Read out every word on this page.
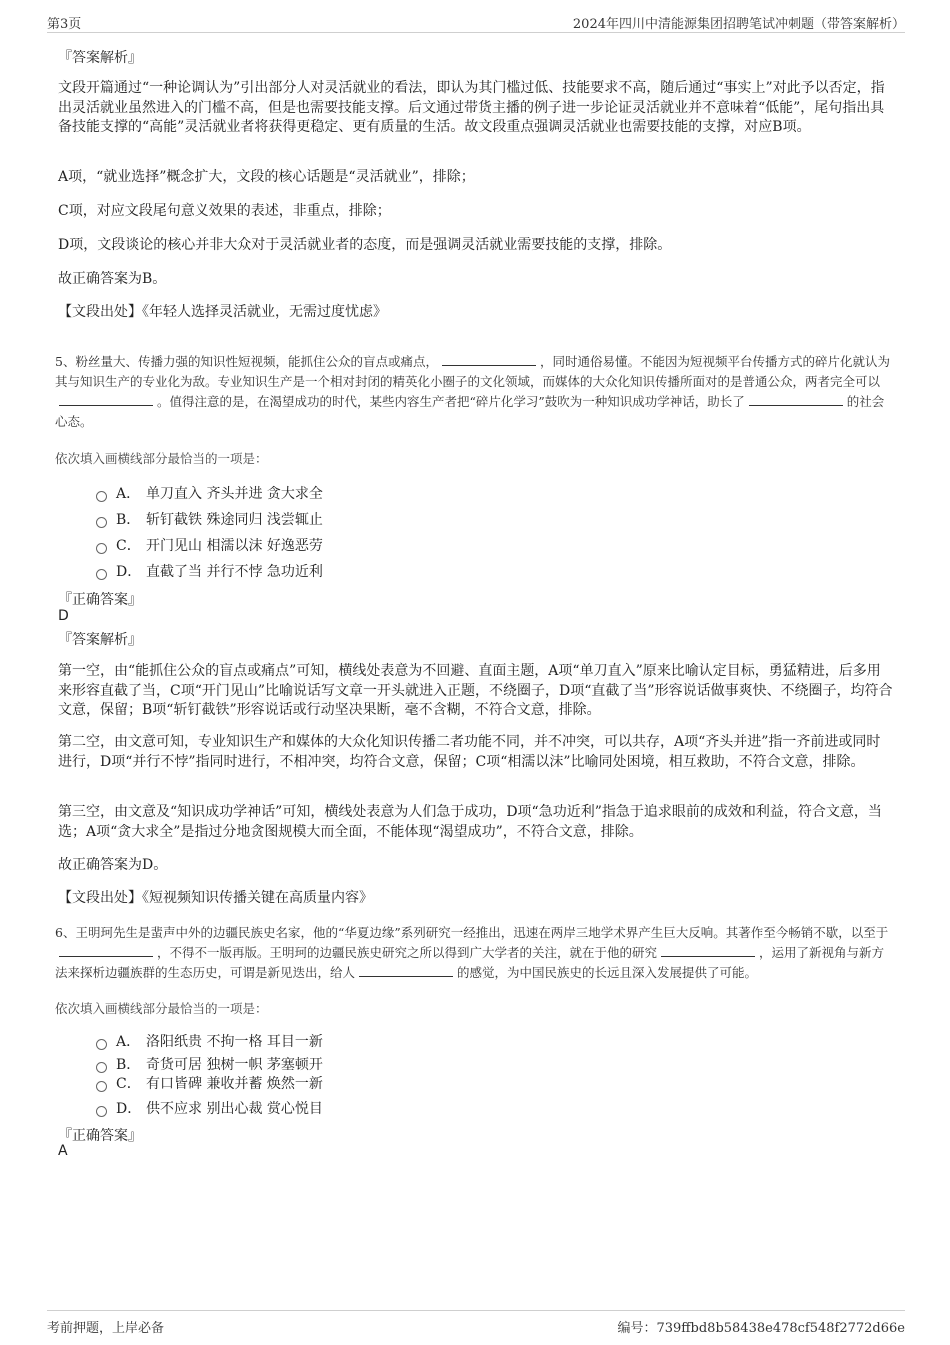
第3页	2024年四川中清能源集团招聘笔试冲刺题（带答案解析）
『答案解析』
文段开篇通过“一种论调认为”引出部分人对灵活就业的看法，即认为其门槛过低、技能要求不高，随后通过“事实上”对此予以否定，指出灵活就业虽然进入的门槛不高，但是也需要技能支撑。后文通过带货主播的例子进一步论证灵活就业并不意味着“低能”，尾句指出具备技能支撑的“高能”灵活就业者将获得更稳定、更有质量的生活。故文段重点强调灵活就业也需要技能的支撑，对应B项。
A项，“就业选择”概念扩大，文段的核心话题是“灵活就业”，排除；
C项，对应文段尾句意义效果的表述，非重点，排除；
D项，文段谈论的核心并非大众对于灵活就业者的态度，而是强调灵活就业需要技能的支撑，排除。
故正确答案为B。
【文段出处】《年轻人选择灵活就业，无需过度忧虑》
5、粉丝量大、传播力强的知识性短视频，能抓住公众的盲点或痛点，	，同时通俗易懂。不能因为短视频平台传播方式的碎片化就认为其与知识生产的专业化为敌。专业知识生产是一个相对封闭的精英化小圈子的文化领域，而媒体的大众化知识传播所面对的是普通公众，两者完全可以。值得注意的是，在渴望成功的时代，某些内容生产者把“碎片化学习”鼓吹为一种知识成功学神话，助长了	的社会心态。
依次填入画横线部分最恰当的一项是：
A． 单刀直入 齐头并进 贪大求全
B． 斩钉截铁 殊途同归 浅尝辄止
C． 开门见山 相濡以沫 好逸恶劳
D． 直截了当 并行不悖 急功近利
『正确答案』
D
『答案解析』
第一空，由“能抓住公众的盲点或痛点”可知，横线处表意为不回避、直面主题，A项“单刀直入”原来比喻认定目标，勇猛精进，后多用来形容直截了当，C项“开门见山”比喻说话写文章一开头就进入正题，不绕圈子，D项“直截了当”形容说话做事爽快、不绕圈子，均符合文意，保留；B项“斩钉截铁”形容说话或行动坚决果断，毫不含糊，不符合文意，排除。
第二空，由文意可知，专业知识生产和媒体的大众化知识传播二者功能不同，并不冲突，可以共存，A项“齐头并进”指一齐前进或同时进行，D项“并行不悖”指同时进行，不相冲突，均符合文意，保留；C项“相濡以沫”比喻同处困境，相互救助，不符合文意，排除。
第三空，由文意及“知识成功学神话”可知，横线处表意为人们急于成功，D项“急功近利”指急于追求眼前的成效和利益，符合文意，当选；A项“贪大求全”是指过分地贪图规模大而全面，不能体现“渴望成功”，不符合文意，排除。
故正确答案为D。
【文段出处】《短视频知识传播关键在高质量内容》
6、王明珂先生是蜚声中外的边疆民族史名家，他的“华夏边缘”系列研究一经推出，迅速在两岸三地学术界产生巨大反响。其著作至今畅销不歇，以至于，不得不一版再版。王明珂的边疆民族史研究之所以得到广大学者的关注，就在于他的研究	，运用了新视角与新方法来探析边疆族群的生态历史，可谓是新见迭出，给人	的感觉，为中国民族史的长远且深入发展提供了可能。
依次填入画横线部分最恰当的一项是：
A． 洛阳纸贵 不拘一格 耳目一新
B． 奇货可居 独树一帜 茅塞顿开
C． 有口皆碑 兼收并蓄 焕然一新
D． 供不应求 别出心裁 赏心悦目
『正确答案』
A
考前押题，上岸必备	编号：739ffbd8b58438e478cf548f2772d66e
